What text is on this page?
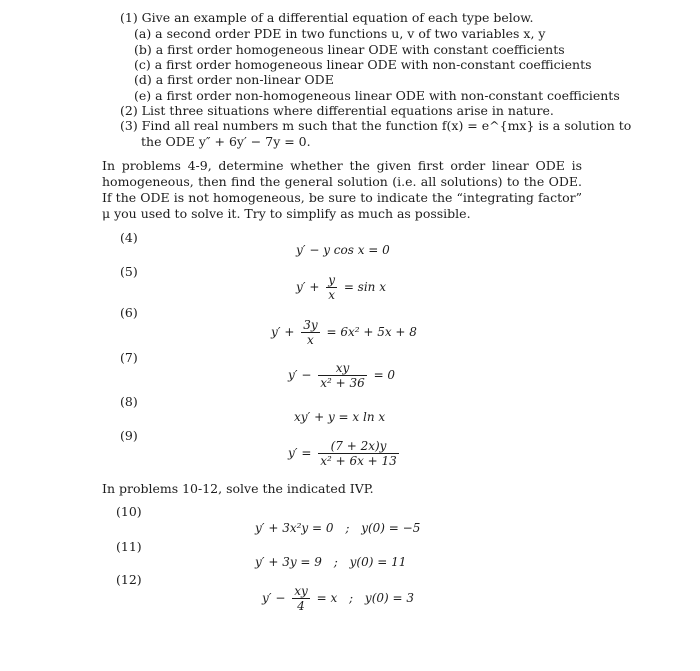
(1) Give an example of a differential equation of each type below.
(a) a second order PDE in two functions u, v of two variables x, y
(b) a first order homogeneous linear ODE with constant coefficients
(c) a first order homogeneous linear ODE with non-constant coefficients
(d) a first order non-linear ODE
(e) a first order non-homogeneous linear ODE with non-constant coefficients
(2) List three situations where differential equations arise in nature.
(3) Find all real numbers m such that the function f(x) = e^{mx} is a solution to
the ODE y″ + 6y′ − 7y = 0.
In problems 4-9, determine whether the given first order linear ODE is homogeneous, then find the general solution (i.e. all solutions) to the ODE. If the ODE is not homogeneous, be sure to indicate the “integrating factor” μ you used to solve it. Try to simplify as much as possible.
(4)
y′ − y cos x = 0
(5)
$y' + \frac{y}{x} = \sin x$
(6)
$y' + \frac{3y}{x} = 6x^2 + 5x + 8$
(7)
$y' - \frac{xy}{\text{x² + 36}} = 0$
(8)
xy′ + y = x ln x
(9)
$y' = \frac{(7 + 2x)y}{\text{x² + 6x + 13}}$
In problems 10-12, solve the indicated IVP.
(10)
y′ + 3x²y = 0 ; y(0) = −5
(11)
y′ + 3y = 9 ; y(0) = 11
(12)
$y' - \frac{xy}{4} = x$ ; y(0) = 3
